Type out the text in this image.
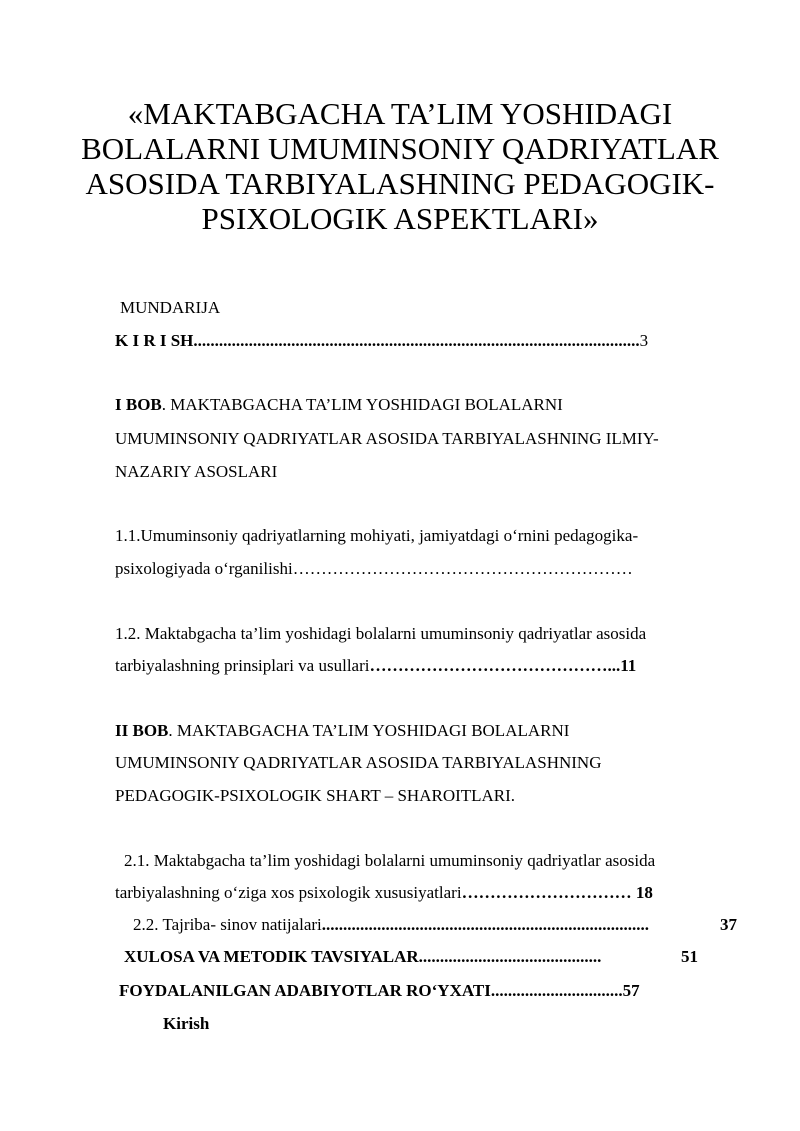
«MAKTABGACHA TA’LIM YOSHIDAGI
BOLALARNI UMUMINSONIY QADRIYATLAR
ASOSIDA TARBIYALASHNING PEDAGOGIK-
PSIXOLOGIK ASPEKTLARI»
MUNDARIJA
K I R I SH.........................................................................................................3
I BOB. MAKTABGACHA TA’LIM YOSHIDAGI BOLALARNI
UMUMINSONIY QADRIYATLAR ASOSIDA TARBIYALASHNING ILMIY-
NAZARIY ASOSLARI
1.1.Umuminsoniy qadriyatlarning mohiyati, jamiyatdagi o‘rnini pedagogika-
psixologiyada o‘rganilishi……………………………………………………
1.2. Maktabgacha ta’lim yoshidagi bolalarni umuminsoniy qadriyatlar asosida
tarbiyalashning prinsiplari va usullari……………………………………...11
II BOB. MAKTABGACHA TA’LIM YOSHIDAGI BOLALARNI
UMUMINSONIY QADRIYATLAR ASOSIDA TARBIYALASHNING
PEDAGOGIK-PSIXOLOGIK SHART – SHAROITLARI.
2.1. Maktabgacha ta’lim yoshidagi bolalarni umuminsoniy qadriyatlar asosida
tarbiyalashning o‘ziga xos psixologik xususiyatlari………………………… 18
2.2. Tajriba- sinov natijalari.............................................................................	37
XULOSA VA METODIK TAVSIYALAR...........................................	51
FOYDALANILGAN ADABIYOTLAR RO‘YXATI...............................57
Kirish
